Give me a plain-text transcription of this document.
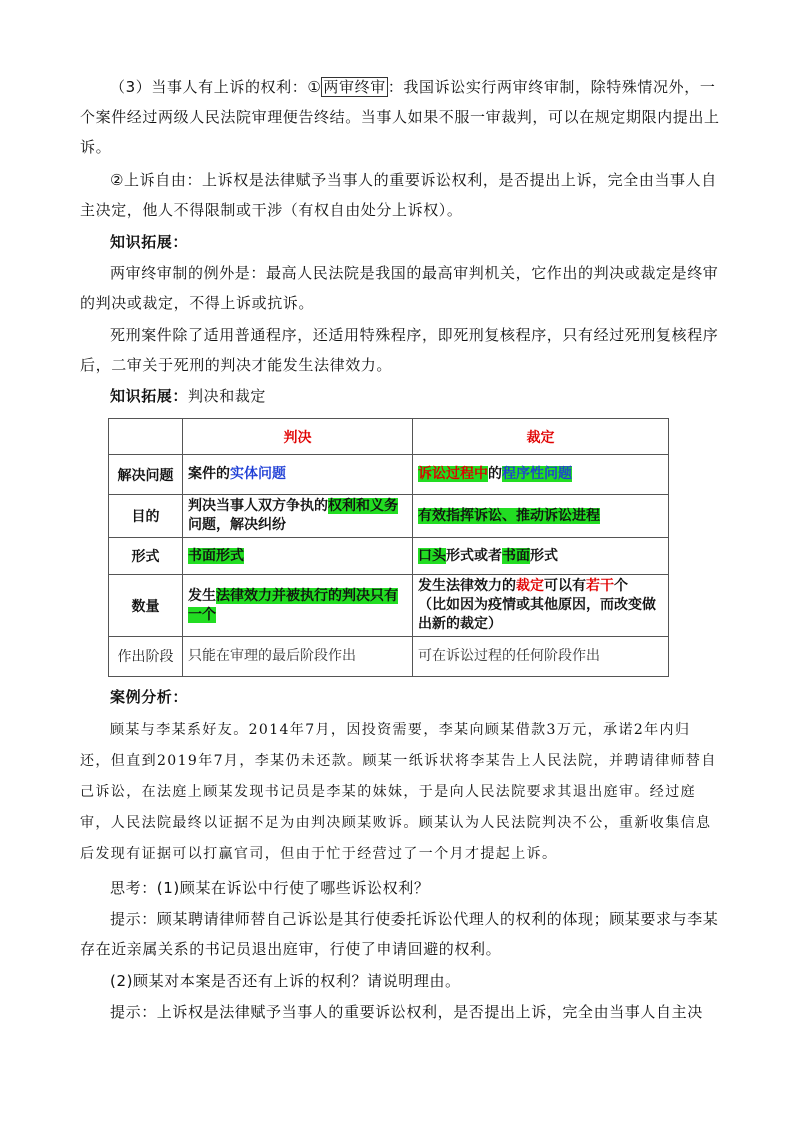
（3）当事人有上诉的权利：① 两审终审 ：我国诉讼实行两审终审制，除特殊情况外，一个案件经过两级人民法院审理便告终结。当事人如果不服一审裁判，可以在规定期限内提出上诉。

②上诉自由：上诉权是法律赋予当事人的重要诉讼权利，是否提出上诉，完全由当事人自主决定，他人不得限制或干涉（有权自由处分上诉权）。

知识拓展：

两审终审制的例外是：最高人民法院是我国的最高审判机关，它作出的判决或裁定是终审的判决或裁定，不得上诉或抗诉。

死刑案件除了适用普通程序，还适用特殊程序，即死刑复核程序，只有经过死刑复核程序后，二审关于死刑的判决才能发生法律效力。

知识拓展：判决和裁定

	判决	裁定
解决问题	案件的实体问题	诉讼过程中的程序性问题
目的	判决当事人双方争执的权利和义务问题，解决纠纷	有效指挥诉讼、推动诉讼进程
形式	书面形式	口头形式或者书面形式
数量	发生法律效力并被执行的判决只有一个	发生法律效力的裁定可以有若干个
（比如因为疫情或其他原因，而改变做出新的裁定）
作出阶段	只能在审理的最后阶段作出	可在诉讼过程的任何阶段作出

案例分析：

顾某与李某系好友。2014年7月，因投资需要，李某向顾某借款3万元，承诺2年内归还，但直到2019年7月，李某仍未还款。顾某一纸诉状将李某告上人民法院，并聘请律师替自己诉讼，在法庭上顾某发现书记员是李某的妹妹，于是向人民法院要求其退出庭审。经过庭审，人民法院最终以证据不足为由判决顾某败诉。顾某认为人民法院判决不公，重新收集信息后发现有证据可以打赢官司，但由于忙于经营过了一个月才提起上诉。

思考：(1)顾某在诉讼中行使了哪些诉讼权利？

提示：顾某聘请律师替自己诉讼是其行使委托诉讼代理人的权利的体现；顾某要求与李某存在近亲属关系的书记员退出庭审，行使了申请回避的权利。

(2)顾某对本案是否还有上诉的权利？请说明理由。

提示：上诉权是法律赋予当事人的重要诉讼权利，是否提出上诉，完全由当事人自主决
